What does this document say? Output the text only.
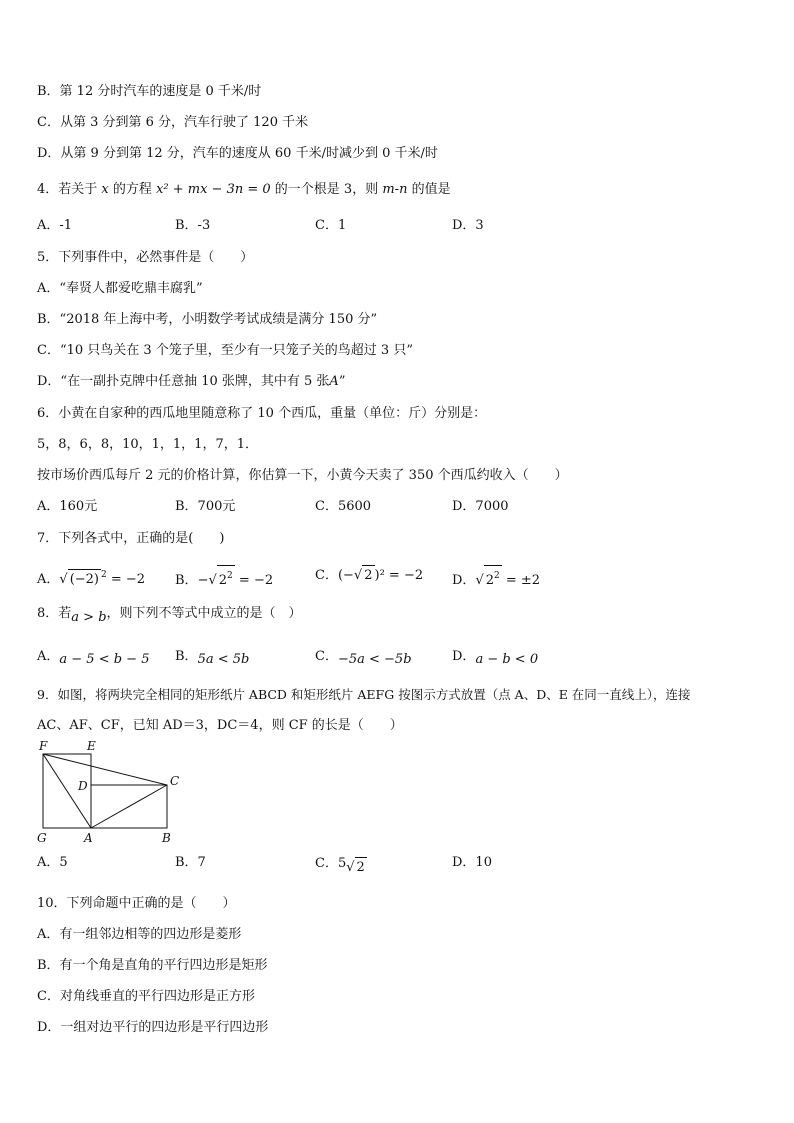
B．第 12 分时汽车的速度是 0 千米/时
C．从第 3 分到第 6 分，汽车行驶了 120 千米
D．从第 9 分到第 12 分，汽车的速度从 60 千米/时减少到 0 千米/时
4．若关于 x 的方程 x² + mx − 3n = 0 的一个根是 3，则 m-n 的值是
A．-1	B．-3	C．1	D．3
5．下列事件中，必然事件是（　　）
A．“奉贤人都爱吃鼎丰腐乳”
B．“2018 年上海中考，小明数学考试成绩是满分 150 分”
C．“10 只鸟关在 3 个笼子里，至少有一只笼子关的鸟超过 3 只”
D．“在一副扑克牌中任意抽 10 张牌，其中有 5 张A”
6．小黄在自家种的西瓜地里随意称了 10 个西瓜，重量（单位：斤）分别是：
5，8，6，8，10，1，1，1，7，1．
按市场价西瓜每斤 2 元的价格计算，你估算一下，小黄今天卖了 350 个西瓜约收入（　　）
A．160元	B．700元	C．5600	D．7000
7．下列各式中，正确的是(　　)
A．√ (−2) $^2$ = −2 B．−√ $2^2 = -2$	C．(−√ 2 )² = −2 D．√ $2^2 = \pm 2$
8．若a > b，则下列不等式中成立的是（　）
A．a − 5 < b − 5 B．5a < 5b	C．−5a < −5b	D．a − b < 0
9．如图，将两块完全相同的矩形纸片 ABCD 和矩形纸片 AEFG 按图示方式放置（点 A、D、E 在同一直线上），连接
AC、AF、CF，已知 AD＝3，DC＝4，则 CF 的长是（　　）
F	E
D	C
G	A	B
A．5	B．7	C．5√ 2	D．10
10．下列命题中正确的是（　　）
A．有一组邻边相等的四边形是菱形
B．有一个角是直角的平行四边形是矩形
C．对角线垂直的平行四边形是正方形
D．一组对边平行的四边形是平行四边形
